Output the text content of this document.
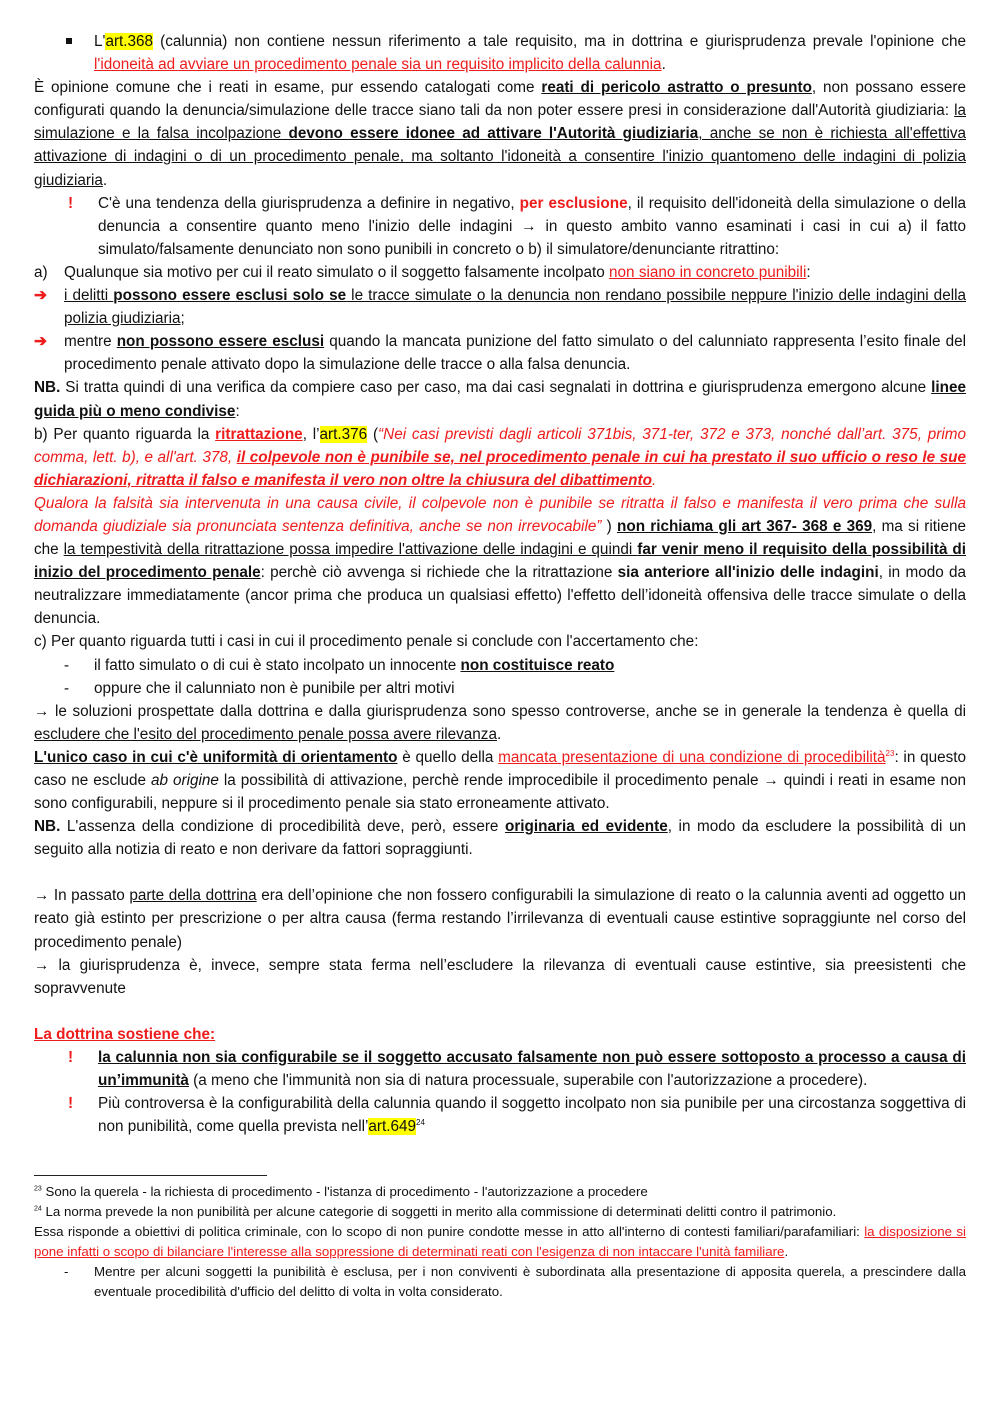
L'art.368 (calunnia) non contiene nessun riferimento a tale requisito, ma in dottrina e giurisprudenza prevale l'opinione che l'idoneità ad avviare un procedimento penale sia un requisito implicito della calunnia.

È opinione comune che i reati in esame, pur essendo catalogati come reati di pericolo astratto o presunto, non possano essere configurati quando la denuncia/simulazione delle tracce siano tali da non poter essere presi in considerazione dall'Autorità giudiziaria: la simulazione e la falsa incolpazione devono essere idonee ad attivare l'Autorità giudiziaria, anche se non è richiesta all'effettiva attivazione di indagini o di un procedimento penale, ma soltanto l'idoneità a consentire l'inizio quantomeno delle indagini di polizia giudiziaria.

!	C'è una tendenza della giurisprudenza a definire in negativo, per esclusione, il requisito dell'idoneità della simulazione o della denuncia a consentire quanto meno l'inizio delle indagini → in questo ambito vanno esaminati i casi in cui a) il fatto simulato/falsamente denunciato non sono punibili in concreto o b) il simulatore/denunciante ritrattino:
a)	Qualunque sia motivo per cui il reato simulato o il soggetto falsamente incolpato non siano in concreto punibili:
➔	i delitti possono essere esclusi solo se le tracce simulate o la denuncia non rendano possibile neppure l'inizio delle indagini della polizia giudiziaria;
➔	mentre non possono essere esclusi quando la mancata punizione del fatto simulato o del calunniato rappresenta l’esito finale del procedimento penale attivato dopo la simulazione delle tracce o alla falsa denuncia.

NB. Si tratta quindi di una verifica da compiere caso per caso, ma dai casi segnalati in dottrina e giurisprudenza emergono alcune linee guida più o meno condivise:

b) Per quanto riguarda la ritrattazione, l’art.376 (“Nei casi previsti dagli articoli 371bis, 371-ter, 372 e 373, nonché dall’art. 375, primo comma, lett. b), e all'art. 378, il colpevole non è punibile se, nel procedimento penale in cui ha prestato il suo ufficio o reso le sue dichiarazioni, ritratta il falso e manifesta il vero non oltre la chiusura del dibattimento.
Qualora la falsità sia intervenuta in una causa civile, il colpevole non è punibile se ritratta il falso e manifesta il vero prima che sulla domanda giudiziale sia pronunciata sentenza definitiva, anche se non irrevocabile” ) non richiama gli art 367- 368 e 369, ma si ritiene che la tempestività della ritrattazione possa impedire l'attivazione delle indagini e quindi far venir meno il requisito della possibilità di inizio del procedimento penale: perchè ciò avvenga si richiede che la ritrattazione sia anteriore all'inizio delle indagini, in modo da neutralizzare immediatamente (ancor prima che produca un qualsiasi effetto) l'effetto dell’idoneità offensiva delle tracce simulate o della denuncia.

c) Per quanto riguarda tutti i casi in cui il procedimento penale si conclude con l'accertamento che:

-	il fatto simulato o di cui è stato incolpato un innocente non costituisce reato
-	oppure che il calunniato non è punibile per altri motivi

→ le soluzioni prospettate dalla dottrina e dalla giurisprudenza sono spesso controverse, anche se in generale la tendenza è quella di escludere che l'esito del procedimento penale possa avere rilevanza.

L'unico caso in cui c'è uniformità di orientamento è quello della mancata presentazione di una condizione di procedibilità$^{23}$: in questo caso ne esclude ab origine la possibilità di attivazione, perchè rende improcedibile il procedimento penale → quindi i reati in esame non sono configurabili, neppure si il procedimento penale sia stato erroneamente attivato.

NB. L'assenza della condizione di procedibilità deve, però, essere originaria ed evidente, in modo da escludere la possibilità di un seguito alla notizia di reato e non derivare da fattori sopraggiunti.

→ In passato parte della dottrina era dell’opinione che non fossero configurabili la simulazione di reato o la calunnia aventi ad oggetto un reato già estinto per prescrizione o per altra causa (ferma restando l’irrilevanza di eventuali cause estintive sopraggiunte nel corso del procedimento penale)

→ la giurisprudenza è, invece, sempre stata ferma nell’escludere la rilevanza di eventuali cause estintive, sia preesistenti che sopravvenute

La dottrina sostiene che:

!	la calunnia non sia configurabile se il soggetto accusato falsamente non può essere sottoposto a processo a causa di un’immunità (a meno che l'immunità non sia di natura processuale, superabile con l'autorizzazione a procedere).
!	Più controversa è la configurabilità della calunnia quando il soggetto incolpato non sia punibile per una circostanza soggettiva di non punibilità, come quella prevista nell’art.649$^{24}$

$^{23}$ Sono la querela - la richiesta di procedimento - l'istanza di procedimento - l'autorizzazione a procedere

$^{24}$ La norma prevede la non punibilità per alcune categorie di soggetti in merito alla commissione di determinati delitti contro il patrimonio.

Essa risponde a obiettivi di politica criminale, con lo scopo di non punire condotte messe in atto all'interno di contesti familiari/parafamiliari: la disposizione si pone infatti o scopo di bilanciare l'interesse alla soppressione di determinati reati con l'esigenza di non intaccare l'unità familiare.

-	Mentre per alcuni soggetti la punibilità è esclusa, per i non conviventi è subordinata alla presentazione di apposita querela, a prescindere dalla eventuale procedibilità d'ufficio del delitto di volta in volta considerato.
